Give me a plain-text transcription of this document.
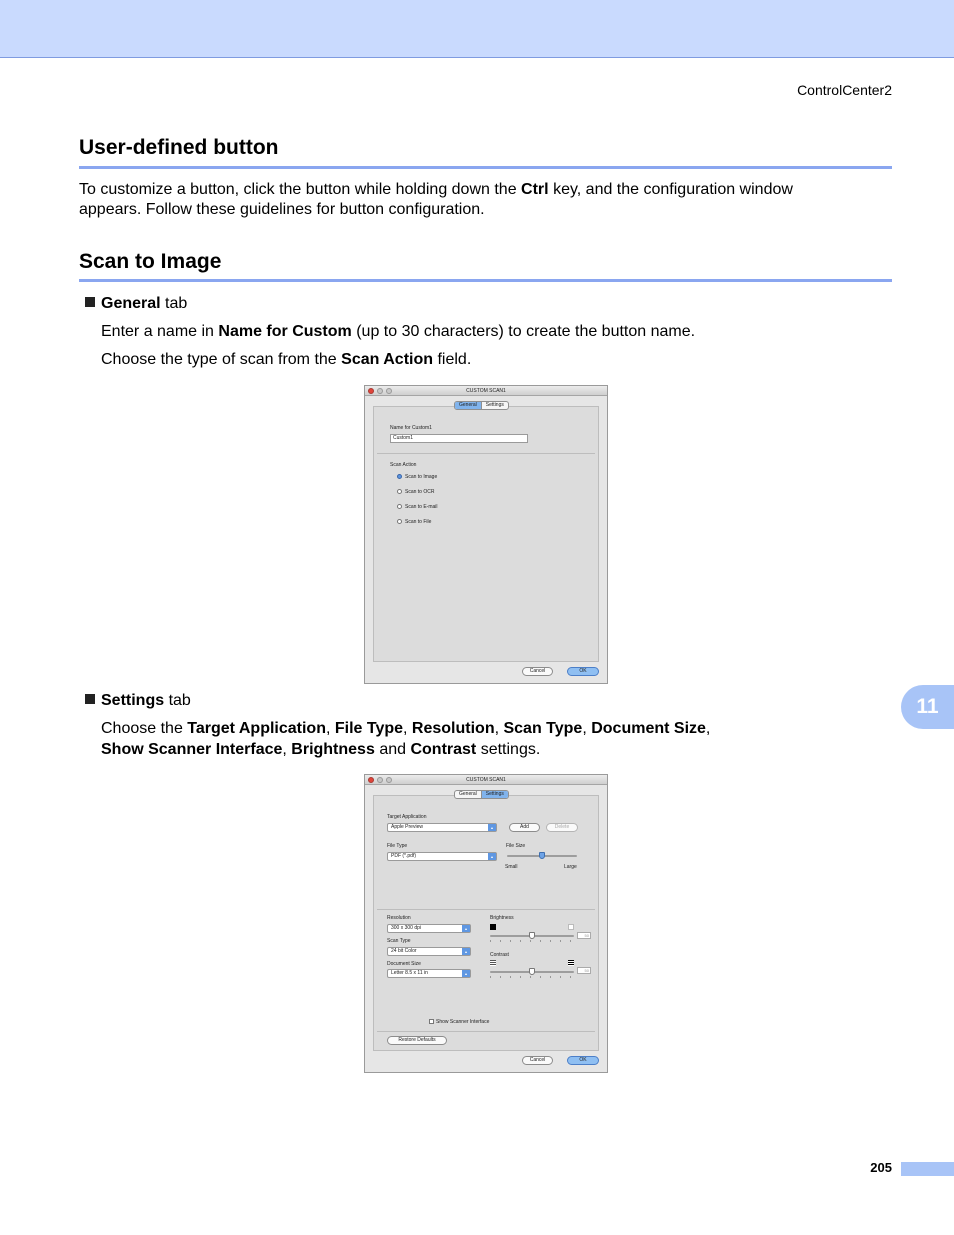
ControlCenter2
User-defined button
To customize a button, click the button while holding down the Ctrl key, and the configuration window
appears. Follow these guidelines for button configuration.
Scan to Image
General tab
Enter a name in Name for Custom (up to 30 characters) to create the button name.
Choose the type of scan from the Scan Action field.
CUSTOM SCAN1
General	Settings
Name for Custom1
Custom1
Scan Action
Scan to Image
Scan to OCR
Scan to E-mail
Scan to File
Cancel	OK
Settings tab
Choose the Target Application, File Type, Resolution, Scan Type, Document Size,
Show Scanner Interface, Brightness and Contrast settings.
CUSTOM SCAN1
General	Settings
Target Application
Apple Preview	▴	Add	Delete
File Type
PDF (*.pdf)	▴
File Size
Small	Large
Resolution
300 x 300 dpi	▴
Scan Type
24 bit Color	▴
Document Size
Letter 8.5 x 11 in	▴
Brightness
50
Contrast
50
Show Scanner Interface
Restore Defaults
Cancel	OK
11
205
